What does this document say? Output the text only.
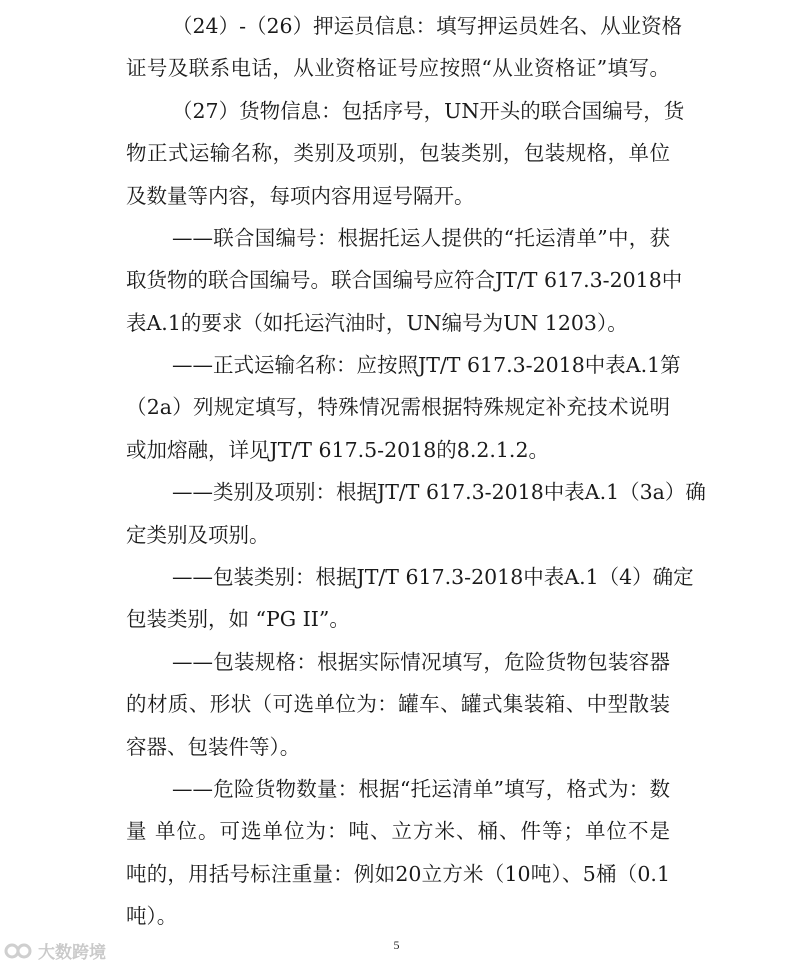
（24）-（26）押运员信息：填写押运员姓名、从业资格
证号及联系电话，从业资格证号应按照“从业资格证”填写。
（27）货物信息：包括序号，UN开头的联合国编号，货
物正式运输名称，类别及项别，包装类别，包装规格，单位
及数量等内容，每项内容用逗号隔开。
——联合国编号：根据托运人提供的“托运清单”中，获
取货物的联合国编号。联合国编号应符合JT/T 617.3-2018中
表A.1的要求（如托运汽油时，UN编号为UN 1203）。
——正式运输名称：应按照JT/T 617.3-2018中表A.1第
（2a）列规定填写，特殊情况需根据特殊规定补充技术说明
或加熔融，详见JT/T 617.5-2018的8.2.1.2。
——类别及项别：根据JT/T 617.3-2018中表A.1（3a）确
定类别及项别。
——包装类别：根据JT/T 617.3-2018中表A.1（4）确定
包装类别，如 “PG II”。
——包装规格：根据实际情况填写，危险货物包装容器
的材质、形状（可选单位为：罐车、罐式集装箱、中型散装
容器、包装件等）。
——危险货物数量：根据“托运清单”填写，格式为：数
量 单位。可选单位为：吨、立方米、桶、件等；单位不是
吨的，用括号标注重量：例如20立方米（10吨）、5桶（0.1
吨）。
5
大数跨境
